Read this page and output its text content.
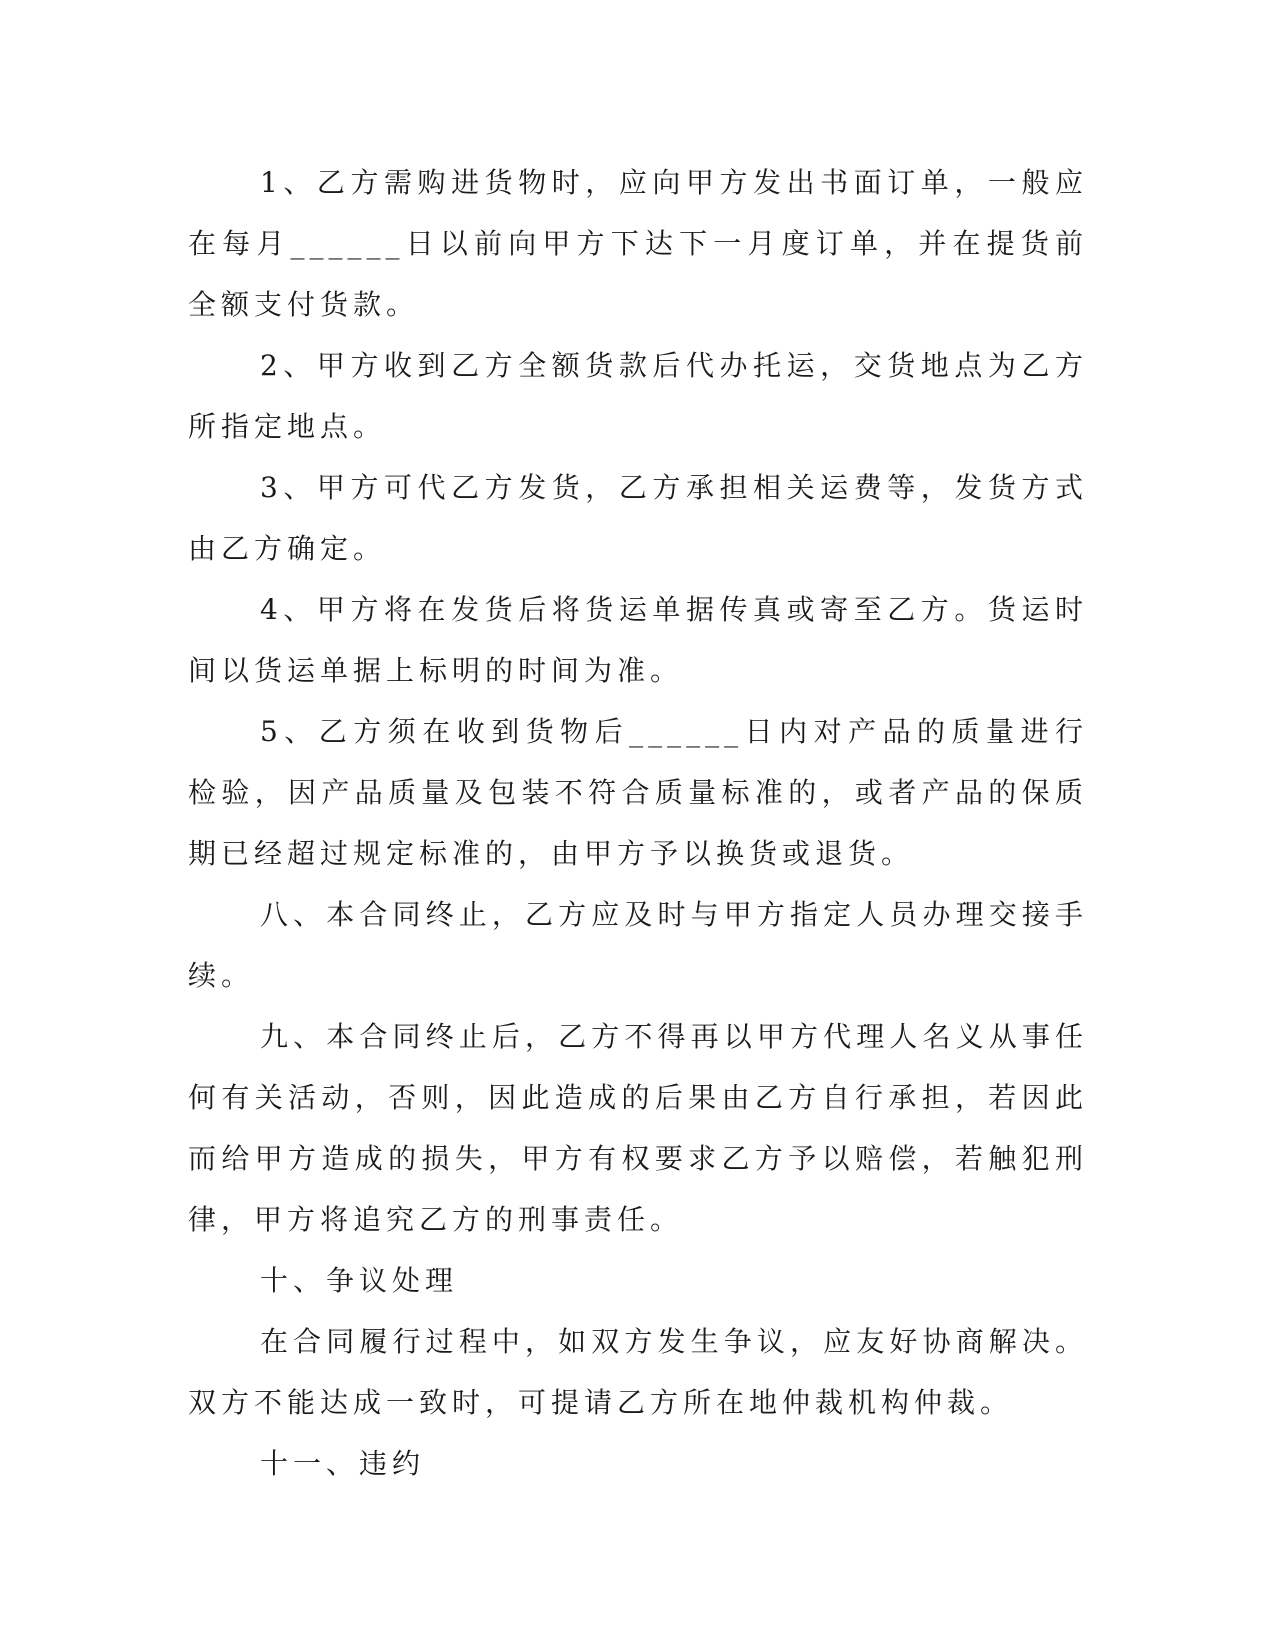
1、乙方需购进货物时，应向甲方发出书面订单，一般应在每月______日以前向甲方下达下一月度订单，并在提货前全额支付货款。

2、甲方收到乙方全额货款后代办托运，交货地点为乙方所指定地点。

3、甲方可代乙方发货，乙方承担相关运费等，发货方式由乙方确定。

4、甲方将在发货后将货运单据传真或寄至乙方。货运时间以货运单据上标明的时间为准。

5、乙方须在收到货物后______日内对产品的质量进行检验，因产品质量及包装不符合质量标准的，或者产品的保质期已经超过规定标准的，由甲方予以换货或退货。

八、本合同终止，乙方应及时与甲方指定人员办理交接手续。

九、本合同终止后，乙方不得再以甲方代理人名义从事任何有关活动，否则，因此造成的后果由乙方自行承担，若因此而给甲方造成的损失，甲方有权要求乙方予以赔偿，若触犯刑律，甲方将追究乙方的刑事责任。

十、争议处理

在合同履行过程中，如双方发生争议，应友好协商解决。双方不能达成一致时，可提请乙方所在地仲裁机构仲裁。

十一、违约
